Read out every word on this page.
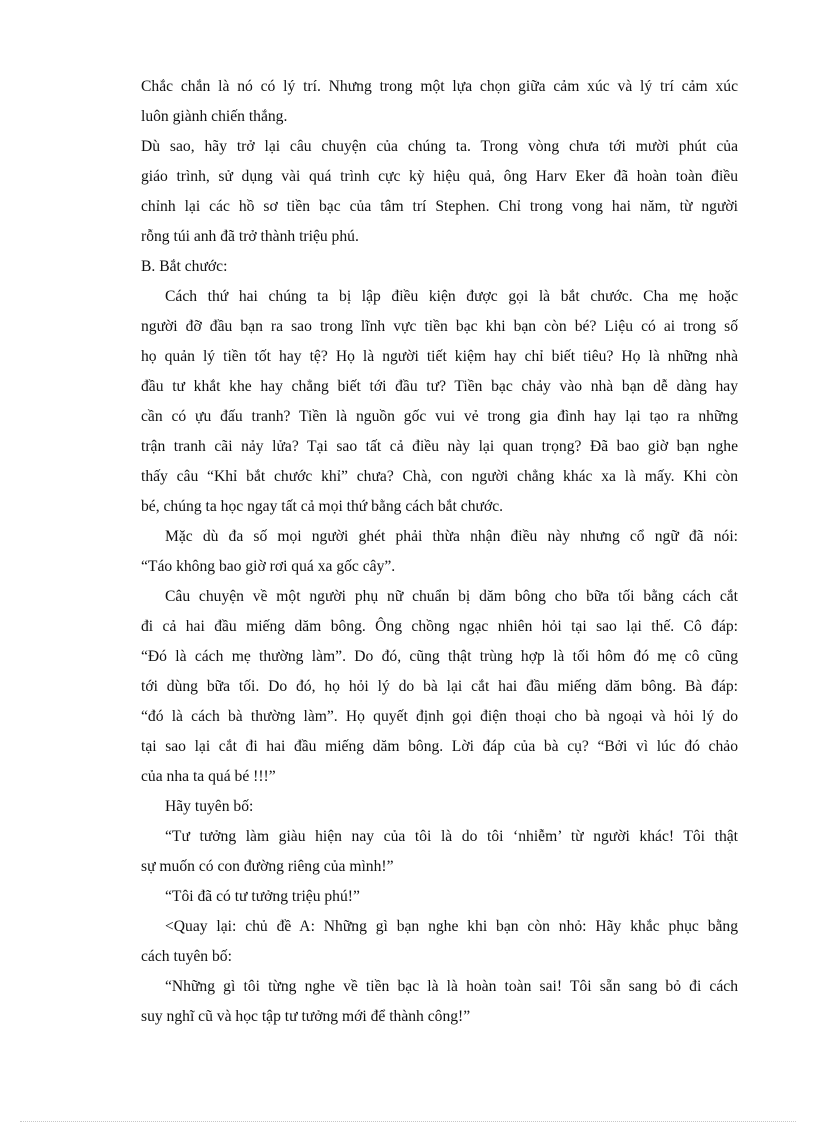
Chắc chắn là nó có lý trí. Nhưng trong một lựa chọn giữa cảm xúc và lý trí cảm xúc
luôn giành chiến thắng.
Dù sao, hãy trở lại câu chuyện của chúng ta. Trong vòng chưa tới mười phút của
giáo trình, sử dụng vài quá trình cực kỳ hiệu quả, ông Harv Eker đã hoàn toàn điều
chỉnh lại các hồ sơ tiền bạc của tâm trí Stephen. Chỉ trong vong hai năm, từ người
rỗng túi anh đã trở thành triệu phú.
B. Bắt chước:
Cách thứ hai chúng ta bị lập điều kiện được gọi là bắt chước. Cha mẹ hoặc
người đỡ đầu bạn ra sao trong lĩnh vực tiền bạc khi bạn còn bé? Liệu có ai trong số
họ quản lý tiền tốt hay tệ? Họ là người tiết kiệm hay chỉ biết tiêu? Họ là những nhà
đầu tư khắt khe hay chẳng biết tới đầu tư? Tiền bạc chảy vào nhà bạn dễ dàng hay
cần có ựu đấu tranh? Tiền là nguồn gốc vui vẻ trong gia đình hay lại tạo ra những
trận tranh cãi nảy lửa? Tại sao tất cả điều này lại quan trọng? Đã bao giờ bạn nghe
thấy câu “Khỉ bắt chước khỉ” chưa? Chà, con người chẳng khác xa là mấy. Khi còn
bé, chúng ta học ngay tất cả mọi thứ bằng cách bắt chước.
Mặc dù đa số mọi người ghét phải thừa nhận điều này nhưng cổ ngữ đã nói:
“Táo không bao giờ rơi quá xa gốc cây”.
Câu chuyện về một người phụ nữ chuẩn bị dăm bông cho bữa tối bằng cách cắt
đi cả hai đầu miếng dăm bông. Ông chồng ngạc nhiên hỏi tại sao lại thế. Cô đáp:
“Đó là cách mẹ thường làm”. Do đó, cũng thật trùng hợp là tối hôm đó mẹ cô cũng
tới dùng bữa tối. Do đó, họ hỏi lý do bà lại cắt hai đầu miếng dăm bông. Bà đáp:
“đó là cách bà thường làm”. Họ quyết định gọi điện thoại cho bà ngoại và hỏi lý do
tại sao lại cắt đi hai đầu miếng dăm bông. Lời đáp của bà cụ? “Bởi vì lúc đó chảo
của nha ta quá bé !!!”
Hãy tuyên bố:
“Tư tưởng làm giàu hiện nay của tôi là do tôi ‘nhiễm’ từ người khác! Tôi thật
sự muốn có con đường riêng của mình!”
“Tôi đã có tư tưởng triệu phú!”
<Quay lại: chủ đề A: Những gì bạn nghe khi bạn còn nhỏ: Hãy khắc phục bằng
cách tuyên bố:
“Những gì tôi từng nghe về tiền bạc là là hoàn toàn sai! Tôi sẵn sang bỏ đi cách
suy nghĩ cũ và học tập tư tưởng mới để thành công!”
